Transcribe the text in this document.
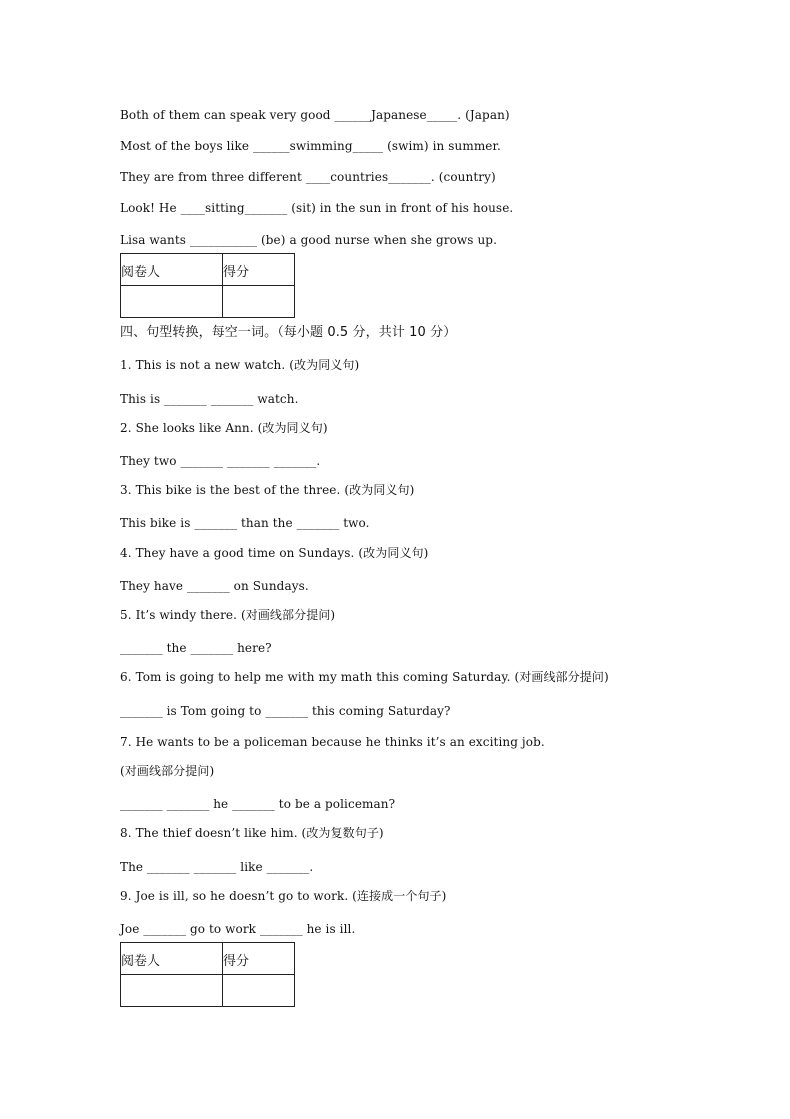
Both of them can speak very good ______Japanese_____. (Japan)
Most of the boys like ______swimming_____ (swim) in summer.
They are from three different ____countries_______. (country)
Look! He ____sitting_______ (sit) in the sun in front of his house.
Lisa wants ___________ (be) a good nurse when she grows up.
阅卷人	得分

四、句型转换，每空一词。（每小题 0.5 分，共计 10 分）
1. This is not a new watch. (改为同义句)
This is _______ _______ watch.
2. She looks like Ann. (改为同义句)
They two _______ _______ _______.
3. This bike is the best of the three. (改为同义句)
This bike is _______ than the _______ two.
4. They have a good time on Sundays. (改为同义句)
They have _______ on Sundays.
5. It’s windy there. (对画线部分提问)
_______ the _______ here?
6. Tom is going to help me with my math this coming Saturday. (对画线部分提问)
_______ is Tom going to _______ this coming Saturday?
7. He wants to be a policeman because he thinks it’s an exciting job.
(对画线部分提问)
_______ _______ he _______ to be a policeman?
8. The thief doesn’t like him. (改为复数句子)
The _______ _______ like _______.
9. Joe is ill, so he doesn’t go to work. (连接成一个句子)
Joe _______ go to work _______ he is ill.
阅卷人	得分
